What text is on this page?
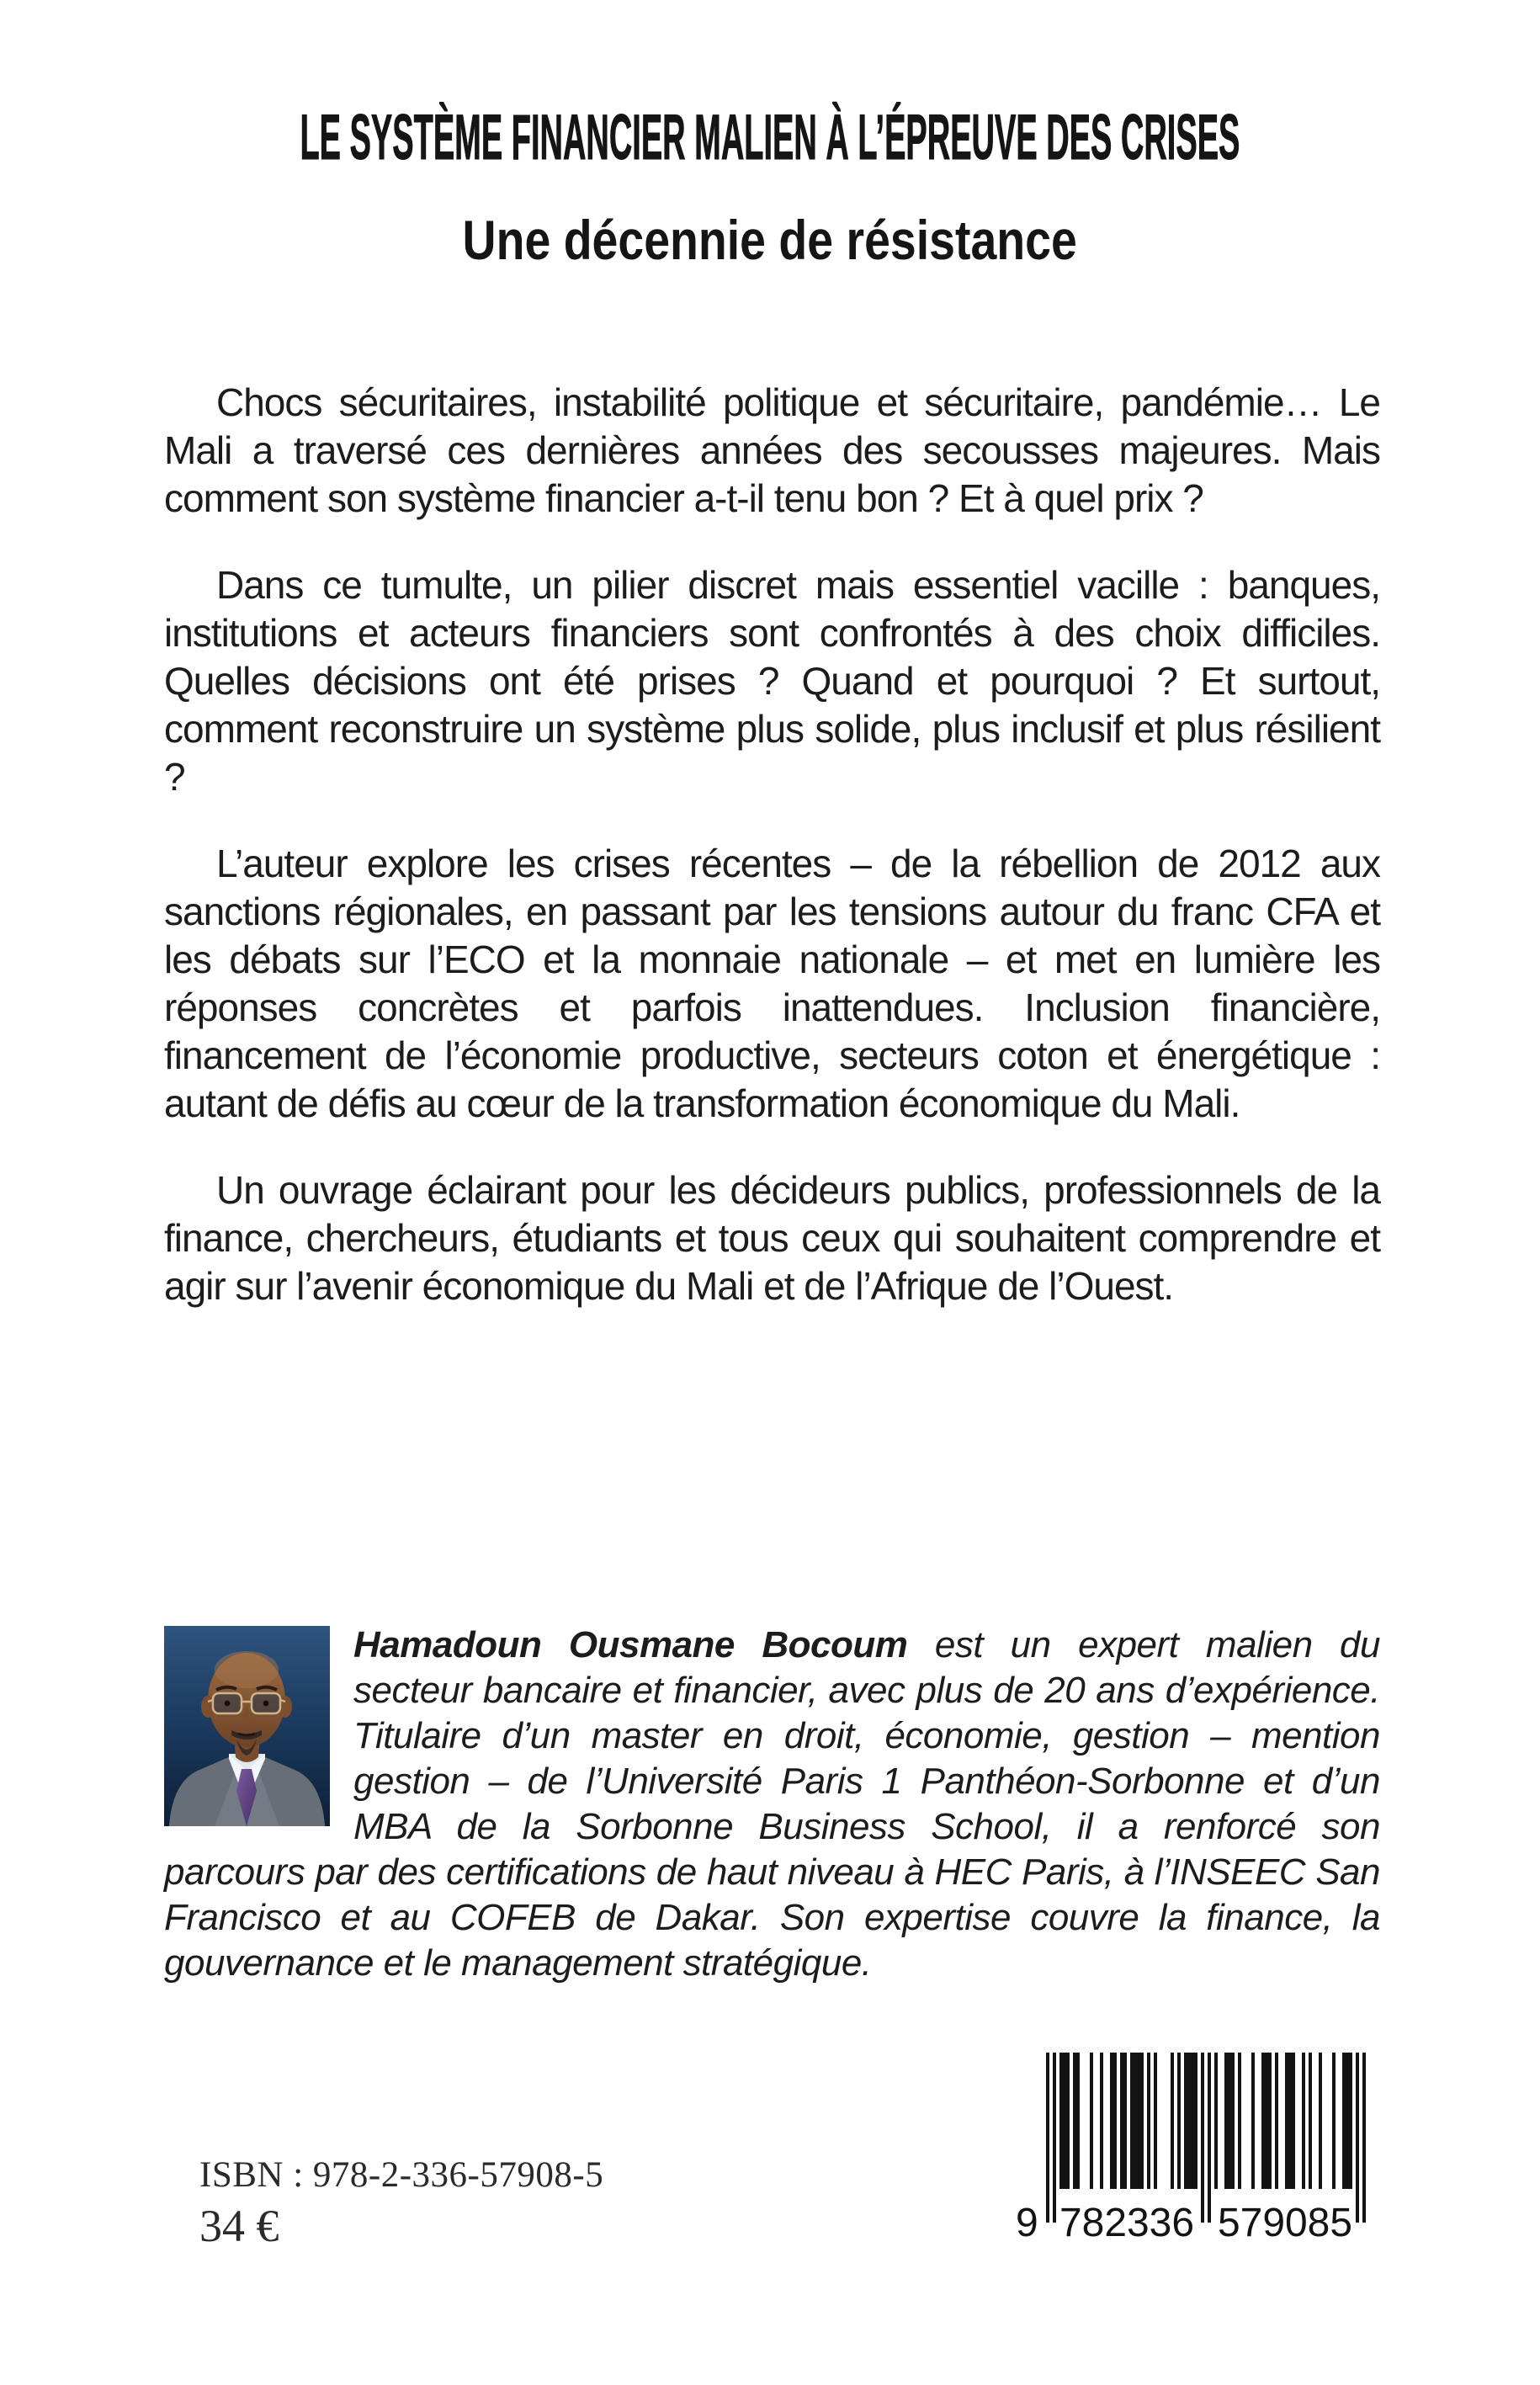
LE SYSTÈME FINANCIER MALIEN À L’ÉPREUVE DES CRISES
Une décennie de résistance

Chocs sécuritaires, instabilité politique et sécuritaire, pandémie… Le Mali a traversé ces dernières années des secousses majeures. Mais comment son système financier a-t-il tenu bon ? Et à quel prix ?

Dans ce tumulte, un pilier discret mais essentiel vacille : banques, institutions et acteurs financiers sont confrontés à des choix difficiles. Quelles décisions ont été prises ? Quand et pourquoi ? Et surtout, comment reconstruire un système plus solide, plus inclusif et plus résilient ?

L’auteur explore les crises récentes – de la rébellion de 2012 aux sanctions régionales, en passant par les tensions autour du franc CFA et les débats sur l’ECO et la monnaie nationale – et met en lumière les réponses concrètes et parfois inattendues. Inclusion financière, financement de l’économie productive, secteurs coton et énergétique : autant de défis au cœur de la transformation économique du Mali.

Un ouvrage éclairant pour les décideurs publics, professionnels de la finance, chercheurs, étudiants et tous ceux qui souhaitent comprendre et agir sur l’avenir économique du Mali et de l’Afrique de l’Ouest.

Hamadoun Ousmane Bocoum est un expert malien du secteur bancaire et financier, avec plus de 20 ans d’expérience. Titulaire d’un master en droit, économie, gestion – mention gestion – de l’Université Paris 1 Panthéon-Sorbonne et d’un MBA de la Sorbonne Business School, il a renforcé son parcours par des certifications de haut niveau à HEC Paris, à l’INSEEC San Francisco et au COFEB de Dakar. Son expertise couvre la finance, la gouvernance et le management stratégique.

ISBN : 978-2-336-57908-5
34 €	9 782336 579085
